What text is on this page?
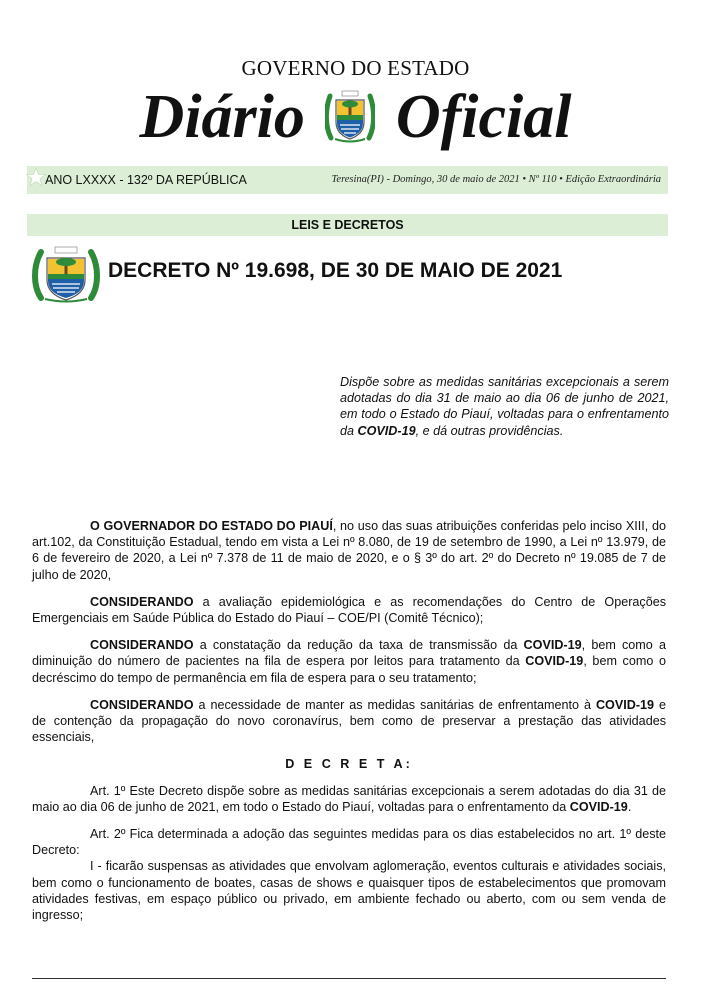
GOVERNO DO ESTADO
Diário Oficial
ANO LXXXX - 132º DA REPÚBLICA	Teresina(PI) - Domingo, 30 de maio de 2021 • Nº 110 • Edição Extraordinária
LEIS E DECRETOS
DECRETO Nº 19.698, DE 30 DE MAIO DE 2021
Dispõe sobre as medidas sanitárias excepcionais a serem adotadas do dia 31 de maio ao dia 06 de junho de 2021, em todo o Estado do Piauí, voltadas para o enfrentamento da COVID-19, e dá outras providências.

O GOVERNADOR DO ESTADO DO PIAUÍ, no uso das suas atribuições conferidas pelo inciso XIII, do art.102, da Constituição Estadual, tendo em vista a Lei nº 8.080, de 19 de setembro de 1990, a Lei nº 13.979, de 6 de fevereiro de 2020, a Lei nº 7.378 de 11 de maio de 2020, e o § 3º do art. 2º do Decreto nº 19.085 de 7 de julho de 2020,

CONSIDERANDO a avaliação epidemiológica e as recomendações do Centro de Operações Emergenciais em Saúde Pública do Estado do Piauí – COE/PI (Comitê Técnico);

CONSIDERANDO a constatação da redução da taxa de transmissão da COVID-19, bem como a diminuição do número de pacientes na fila de espera por leitos para tratamento da COVID-19, bem como o decréscimo do tempo de permanência em fila de espera para o seu tratamento;

CONSIDERANDO a necessidade de manter as medidas sanitárias de enfrentamento à COVID-19 e de contenção da propagação do novo coronavírus, bem como de preservar a prestação das atividades essenciais,

D E C R E T A:

Art. 1º Este Decreto dispõe sobre as medidas sanitárias excepcionais a serem adotadas do dia 31 de maio ao dia 06 de junho de 2021, em todo o Estado do Piauí, voltadas para o enfrentamento da COVID-19.

Art. 2º Fica determinada a adoção das seguintes medidas para os dias estabelecidos no art. 1º deste Decreto:

I - ficarão suspensas as atividades que envolvam aglomeração, eventos culturais e atividades sociais, bem como o funcionamento de boates, casas de shows e quaisquer tipos de estabelecimentos que promovam atividades festivas, em espaço público ou privado, em ambiente fechado ou aberto, com ou sem venda de ingresso;
